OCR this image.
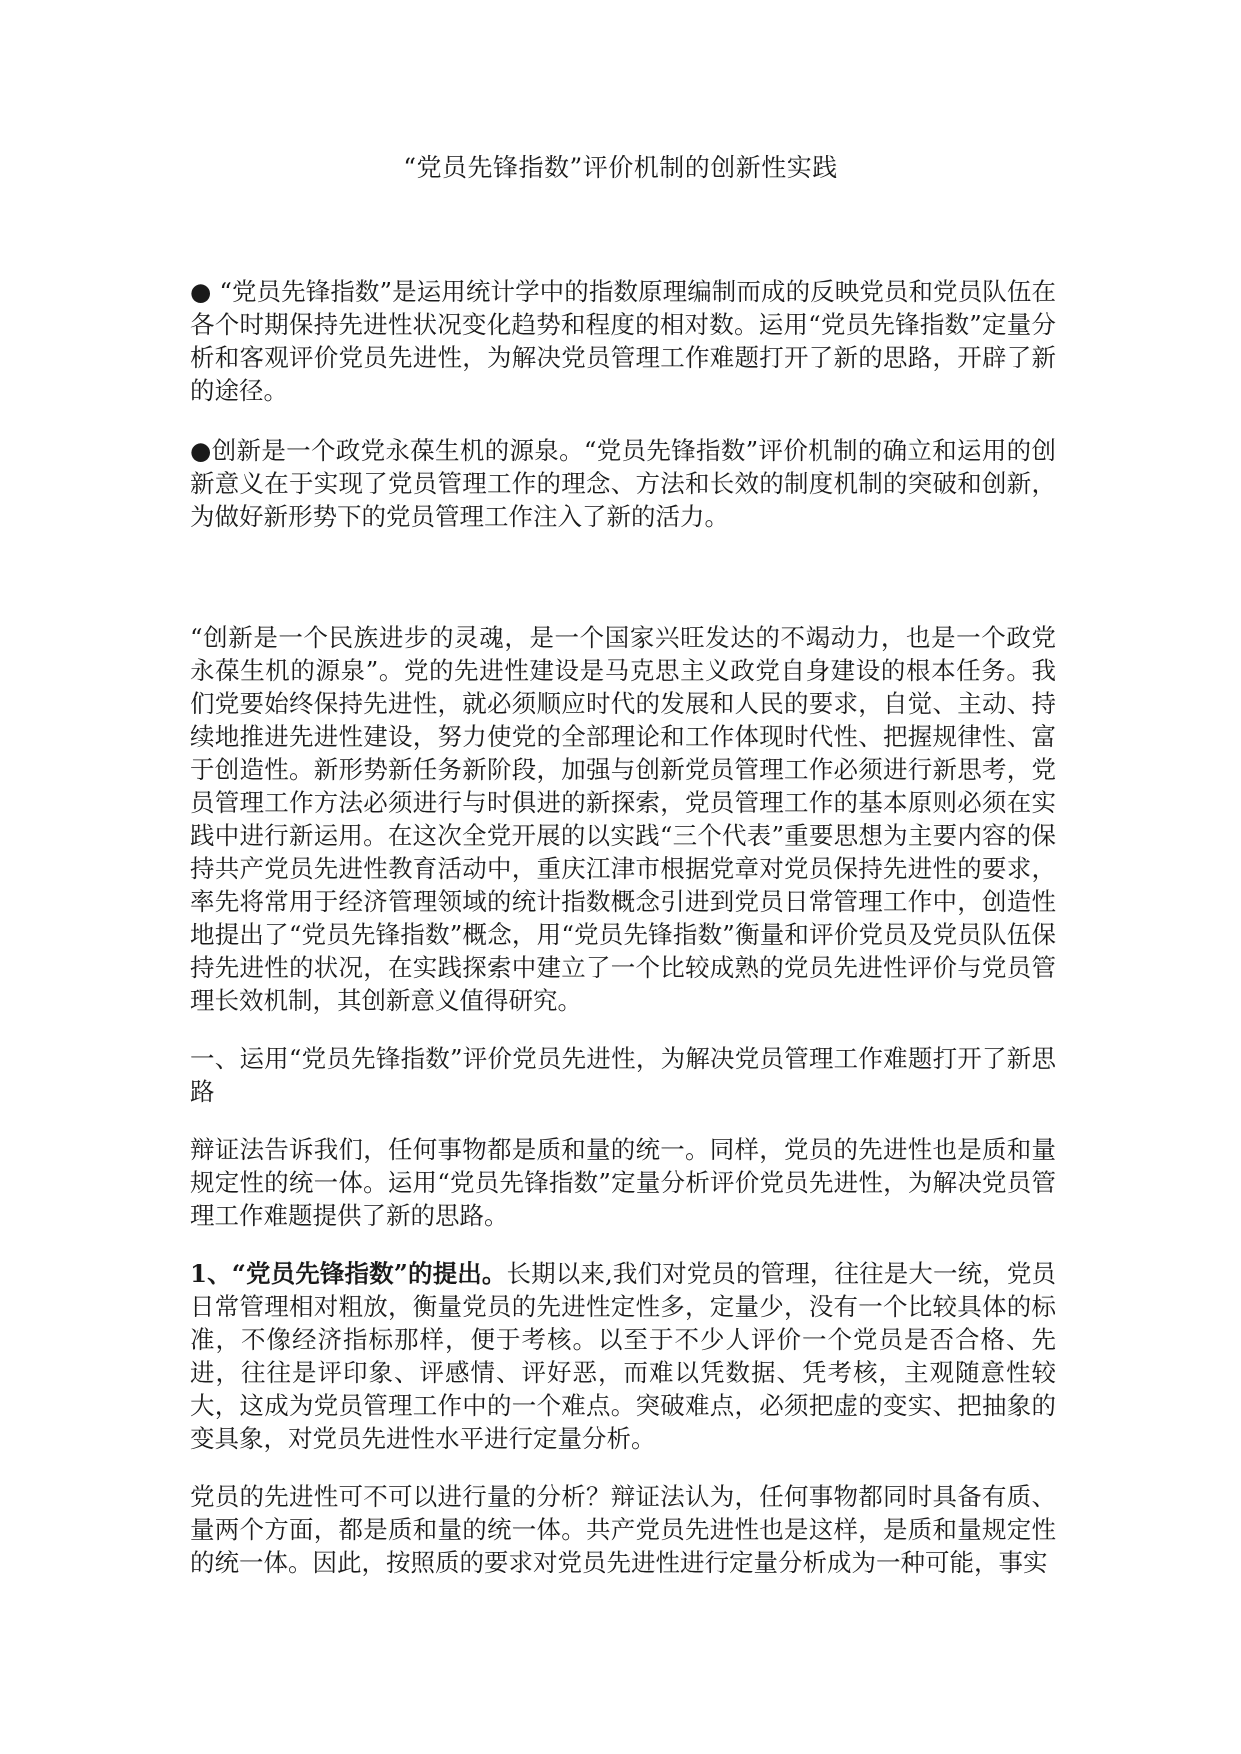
“党员先锋指数”评价机制的创新性实践

● “党员先锋指数”是运用统计学中的指数原理编制而成的反映党员和党员队伍在各个时期保持先进性状况变化趋势和程度的相对数。运用“党员先锋指数”定量分析和客观评价党员先进性，为解决党员管理工作难题打开了新的思路，开辟了新的途径。

●创新是一个政党永葆生机的源泉。“党员先锋指数”评价机制的确立和运用的创新意义在于实现了党员管理工作的理念、方法和长效的制度机制的突破和创新，为做好新形势下的党员管理工作注入了新的活力。

“创新是一个民族进步的灵魂，是一个国家兴旺发达的不竭动力，也是一个政党永葆生机的源泉”。党的先进性建设是马克思主义政党自身建设的根本任务。我们党要始终保持先进性，就必须顺应时代的发展和人民的要求，自觉、主动、持续地推进先进性建设，努力使党的全部理论和工作体现时代性、把握规律性、富于创造性。新形势新任务新阶段，加强与创新党员管理工作必须进行新思考，党员管理工作方法必须进行与时俱进的新探索，党员管理工作的基本原则必须在实践中进行新运用。在这次全党开展的以实践“三个代表”重要思想为主要内容的保持共产党员先进性教育活动中，重庆江津市根据党章对党员保持先进性的要求，率先将常用于经济管理领域的统计指数概念引进到党员日常管理工作中，创造性地提出了“党员先锋指数”概念，用“党员先锋指数”衡量和评价党员及党员队伍保持先进性的状况，在实践探索中建立了一个比较成熟的党员先进性评价与党员管理长效机制，其创新意义值得研究。

一、运用“党员先锋指数”评价党员先进性，为解决党员管理工作难题打开了新思路

辩证法告诉我们，任何事物都是质和量的统一。同样，党员的先进性也是质和量规定性的统一体。运用“党员先锋指数”定量分析评价党员先进性，为解决党员管理工作难题提供了新的思路。

1、“党员先锋指数”的提出。长期以来,我们对党员的管理，往往是大一统，党员日常管理相对粗放，衡量党员的先进性定性多，定量少，没有一个比较具体的标准，不像经济指标那样，便于考核。以至于不少人评价一个党员是否合格、先进，往往是评印象、评感情、评好恶，而难以凭数据、凭考核，主观随意性较大，这成为党员管理工作中的一个难点。突破难点，必须把虚的变实、把抽象的变具象，对党员先进性水平进行定量分析。

党员的先进性可不可以进行量的分析？辩证法认为，任何事物都同时具备有质、量两个方面，都是质和量的统一体。共产党员先进性也是这样，是质和量规定性的统一体。因此，按照质的要求对党员先进性进行定量分析成为一种可能，事实
